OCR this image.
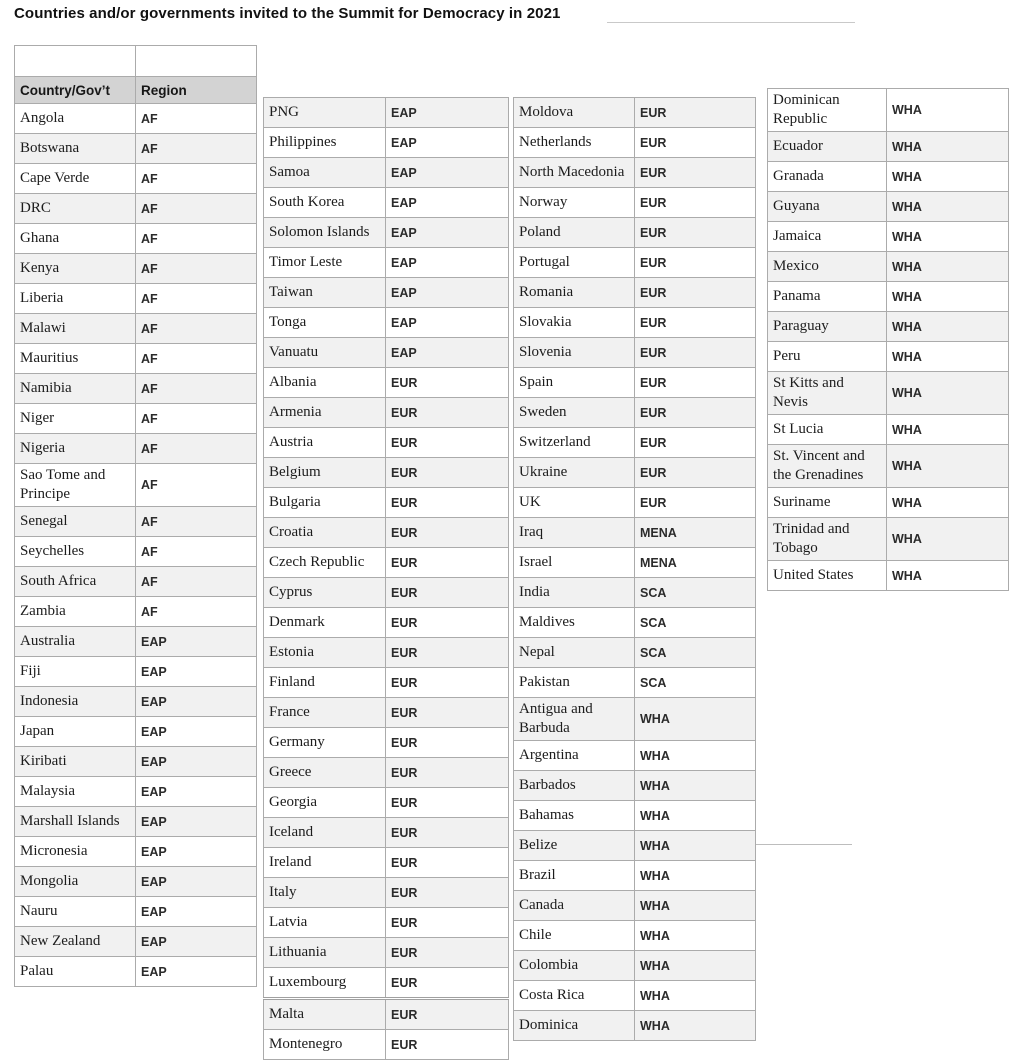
Countries and/or governments invited to the Summit for Democracy in 2021

Country/Gov’t	Region
Angola	AF
Botswana	AF
Cape Verde	AF
DRC	AF
Ghana	AF
Kenya	AF
Liberia	AF
Malawi	AF
Mauritius	AF
Namibia	AF
Niger	AF
Nigeria	AF
Sao Tome and Principe	AF
Senegal	AF
Seychelles	AF
South Africa	AF
Zambia	AF
Australia	EAP
Fiji	EAP
Indonesia	EAP
Japan	EAP
Kiribati	EAP
Malaysia	EAP
Marshall Islands	EAP
Micronesia	EAP
Mongolia	EAP
Nauru	EAP
New Zealand	EAP
Palau	EAP
PNG	EAP
Philippines	EAP
Samoa	EAP
South Korea	EAP
Solomon Islands	EAP
Timor Leste	EAP
Taiwan	EAP
Tonga	EAP
Vanuatu	EAP
Albania	EUR
Armenia	EUR
Austria	EUR
Belgium	EUR
Bulgaria	EUR
Croatia	EUR
Czech Republic	EUR
Cyprus	EUR
Denmark	EUR
Estonia	EUR
Finland	EUR
France	EUR
Germany	EUR
Greece	EUR
Georgia	EUR
Iceland	EUR
Ireland	EUR
Italy	EUR
Latvia	EUR
Lithuania	EUR
Luxembourg	EUR
Malta	EUR
Montenegro	EUR
Moldova	EUR
Netherlands	EUR
North Macedonia	EUR
Norway	EUR
Poland	EUR
Portugal	EUR
Romania	EUR
Slovakia	EUR
Slovenia	EUR
Spain	EUR
Sweden	EUR
Switzerland	EUR
Ukraine	EUR
UK	EUR
Iraq	MENA
Israel	MENA
India	SCA
Maldives	SCA
Nepal	SCA
Pakistan	SCA
Antigua and Barbuda	WHA
Argentina	WHA
Barbados	WHA
Bahamas	WHA
Belize	WHA
Brazil	WHA
Canada	WHA
Chile	WHA
Colombia	WHA
Costa Rica	WHA
Dominica	WHA
Dominican Republic	WHA
Ecuador	WHA
Granada	WHA
Guyana	WHA
Jamaica	WHA
Mexico	WHA
Panama	WHA
Paraguay	WHA
Peru	WHA
St Kitts and Nevis	WHA
St Lucia	WHA
St. Vincent and the Grenadines	WHA
Suriname	WHA
Trinidad and Tobago	WHA
United States	WHA
